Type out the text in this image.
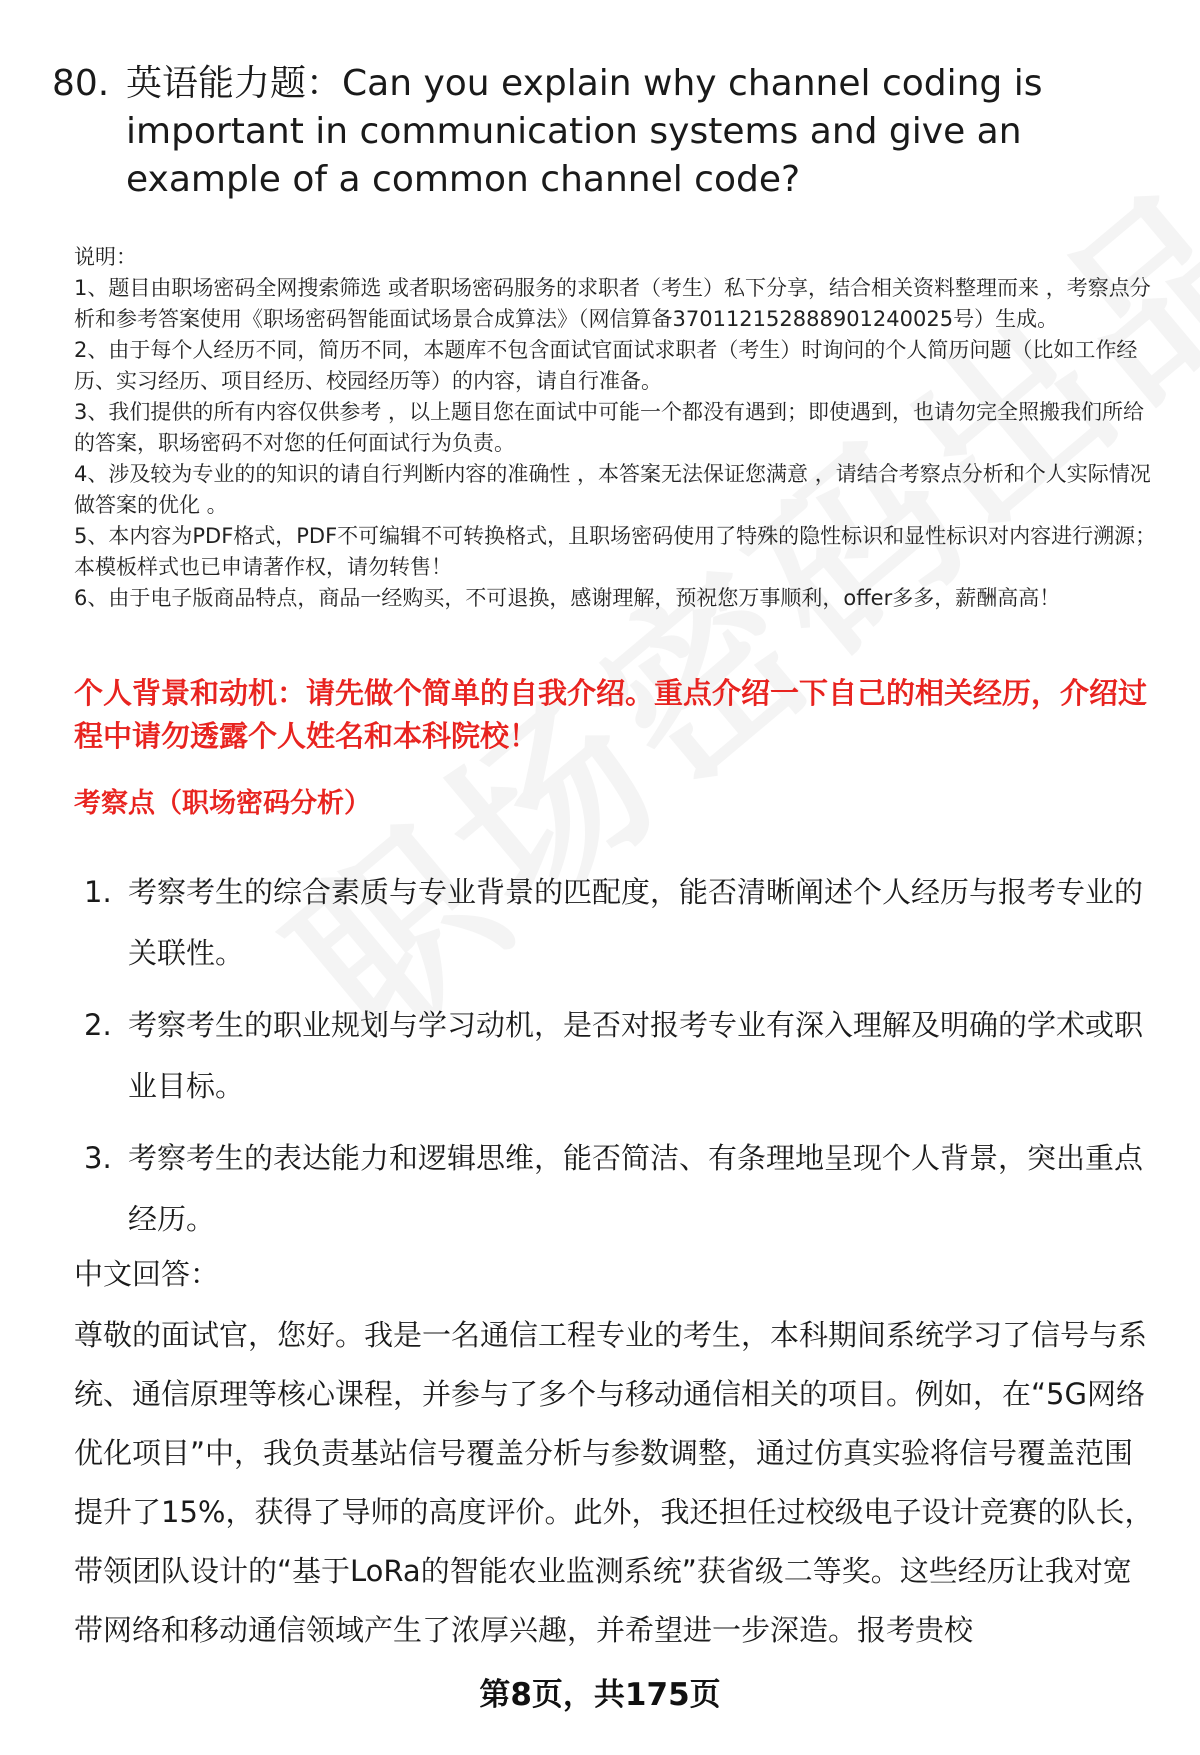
80. 英语能力题：Can you explain why channel coding is important in communication systems and give an example of a common channel code?

说明：

1、题目由职场密码全网搜索筛选 或者职场密码服务的求职者（考生）私下分享，结合相关资料整理而来 ，考察点分析和参考答案使用《职场密码智能面试场景合成算法》（网信算备370112152888901240025号）生成。

2、由于每个人经历不同，简历不同，本题库不包含面试官面试求职者（考生）时询问的个人简历问题（比如工作经历、实习经历、项目经历、校园经历等）的内容，请自行准备。

3、我们提供的所有内容仅供参考 ，以上题目您在面试中可能一个都没有遇到；即使遇到，也请勿完全照搬我们所给的答案，职场密码不对您的任何面试行为负责。

4、涉及较为专业的的知识的请自行判断内容的准确性 ，本答案无法保证您满意 ，请结合考察点分析和个人实际情况做答案的优化 。

5、本内容为PDF格式，PDF不可编辑不可转换格式，且职场密码使用了特殊的隐性标识和显性标识对内容进行溯源；本模板样式也已申请著作权，请勿转售！

6、由于电子版商品特点，商品一经购买，不可退换，感谢理解，预祝您万事顺利，offer多多，薪酬高高！

个人背景和动机：请先做个简单的自我介绍。重点介绍一下自己的相关经历，介绍过程中请勿透露个人姓名和本科院校！
考察点（职场密码分析）
1. 考察考生的综合素质与专业背景的匹配度，能否清晰阐述个人经历与报考专业的关联性。
2. 考察考生的职业规划与学习动机，是否对报考专业有深入理解及明确的学术或职业目标。
3. 考察考生的表达能力和逻辑思维，能否简洁、有条理地呈现个人背景，突出重点经历。
中文回答：
尊敬的面试官，您好。我是一名通信工程专业的考生，本科期间系统学习了信号与系统、通信原理等核心课程，并参与了多个与移动通信相关的项目。例如，在“5G网络优化项目”中，我负责基站信号覆盖分析与参数调整，通过仿真实验将信号覆盖范围提升了15%，获得了导师的高度评价。此外，我还担任过校级电子设计竞赛的队长，带领团队设计的“基于LoRa的智能农业监测系统”获省级二等奖。这些经历让我对宽带网络和移动通信领域产生了浓厚兴趣，并希望进一步深造。报考贵校
第8页，共175页
